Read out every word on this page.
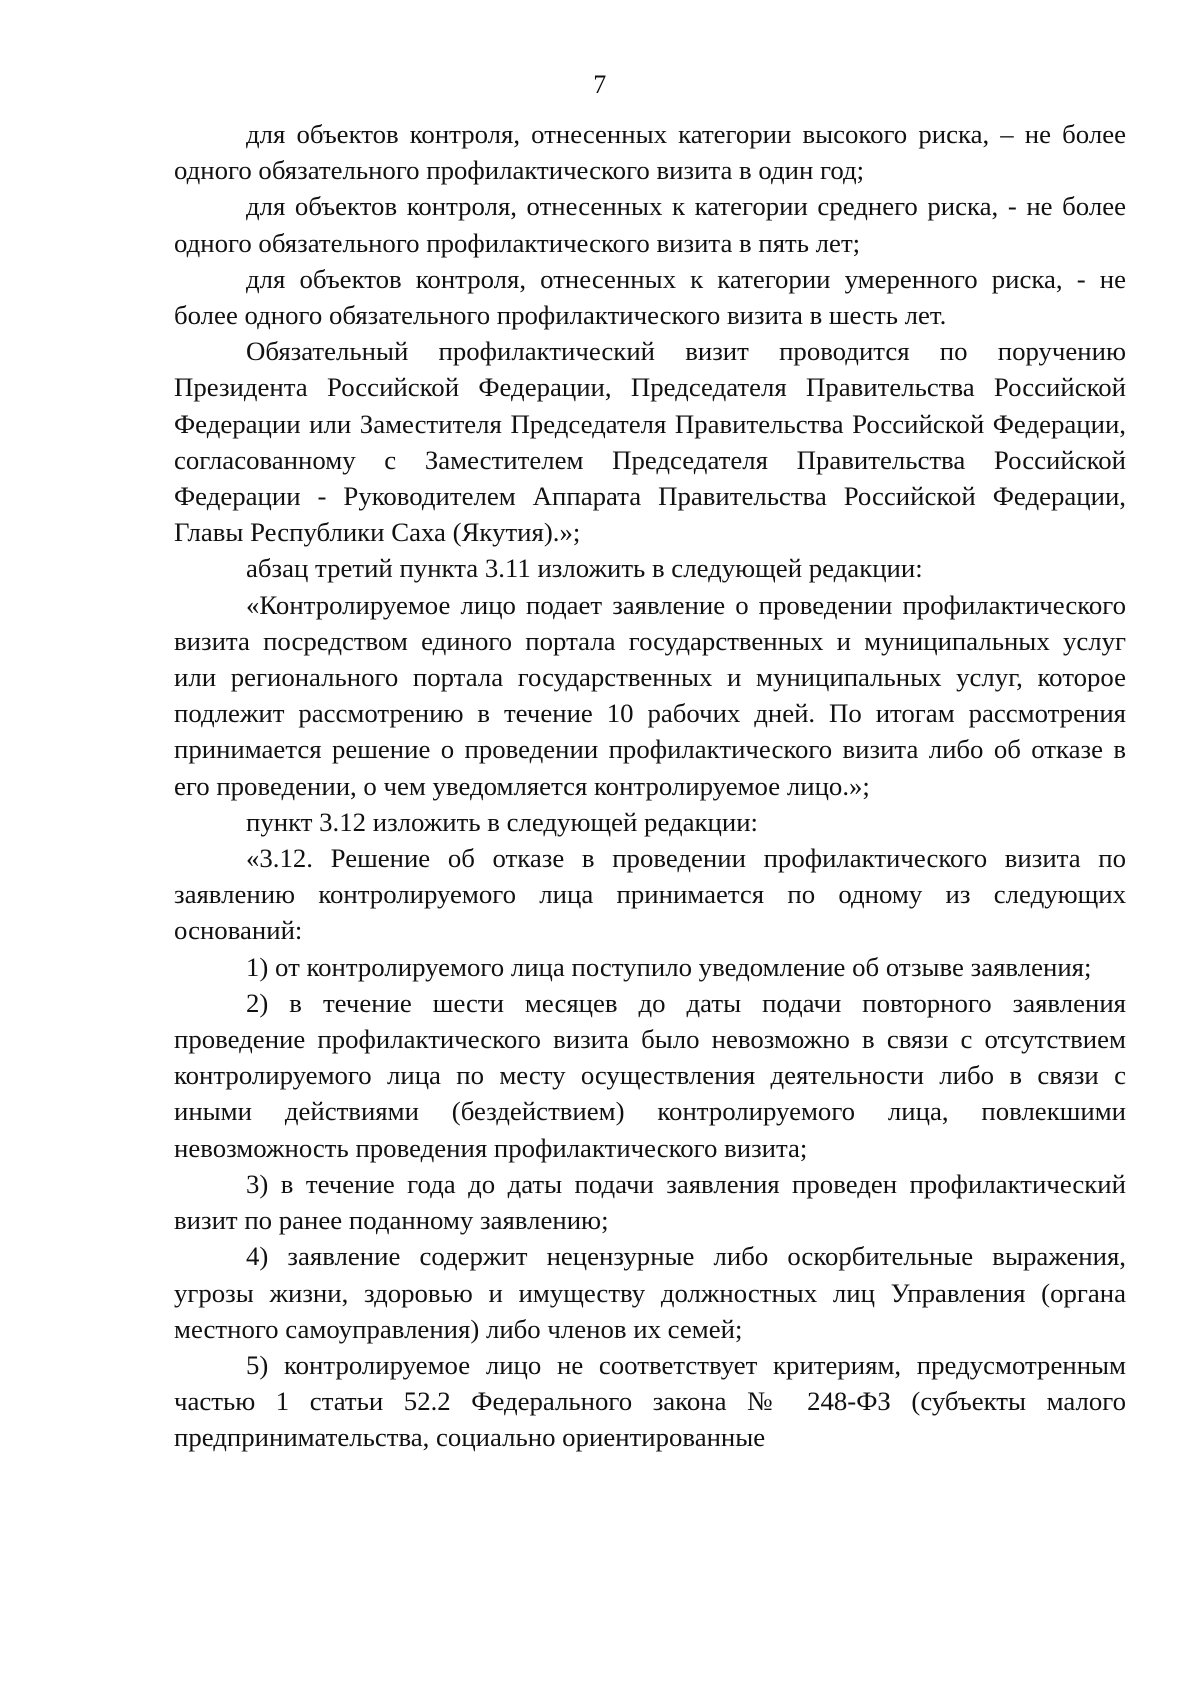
7

для объектов контроля, отнесенных категории высокого риска, – не более одного обязательного профилактического визита в один год;

для объектов контроля, отнесенных к категории среднего риска, - не более одного обязательного профилактического визита в пять лет;

для объектов контроля, отнесенных к категории умеренного риска, - не более одного обязательного профилактического визита в шесть лет.

Обязательный профилактический визит проводится по поручению Президента Российской Федерации, Председателя Правительства Российской Федерации или Заместителя Председателя Правительства Российской Федерации, согласованному с Заместителем Председателя Правительства Российской Федерации - Руководителем Аппарата Правительства Российской Федерации, Главы Республики Саха (Якутия).»;

абзац третий пункта 3.11 изложить в следующей редакции:

«Контролируемое лицо подает заявление о проведении профилактического визита посредством единого портала государственных и муниципальных услуг или регионального портала государственных и муниципальных услуг, которое подлежит рассмотрению в течение 10 рабочих дней. По итогам рассмотрения принимается решение о проведении профилактического визита либо об отказе в его проведении, о чем уведомляется контролируемое лицо.»;

пункт 3.12 изложить в следующей редакции:

«3.12. Решение об отказе в проведении профилактического визита по заявлению контролируемого лица принимается по одному из следующих оснований:

1) от контролируемого лица поступило уведомление об отзыве заявления;

2) в течение шести месяцев до даты подачи повторного заявления проведение профилактического визита было невозможно в связи с отсутствием контролируемого лица по месту осуществления деятельности либо в связи с иными действиями (бездействием) контролируемого лица, повлекшими невозможность проведения профилактического визита;

3) в течение года до даты подачи заявления проведен профилактический визит по ранее поданному заявлению;

4) заявление содержит нецензурные либо оскорбительные выражения, угрозы жизни, здоровью и имуществу должностных лиц Управления (органа местного самоуправления) либо членов их семей;

5) контролируемое лицо не соответствует критериям, предусмотренным частью 1 статьи 52.2 Федерального закона № 248-ФЗ (субъекты малого предпринимательства, социально ориентированные
